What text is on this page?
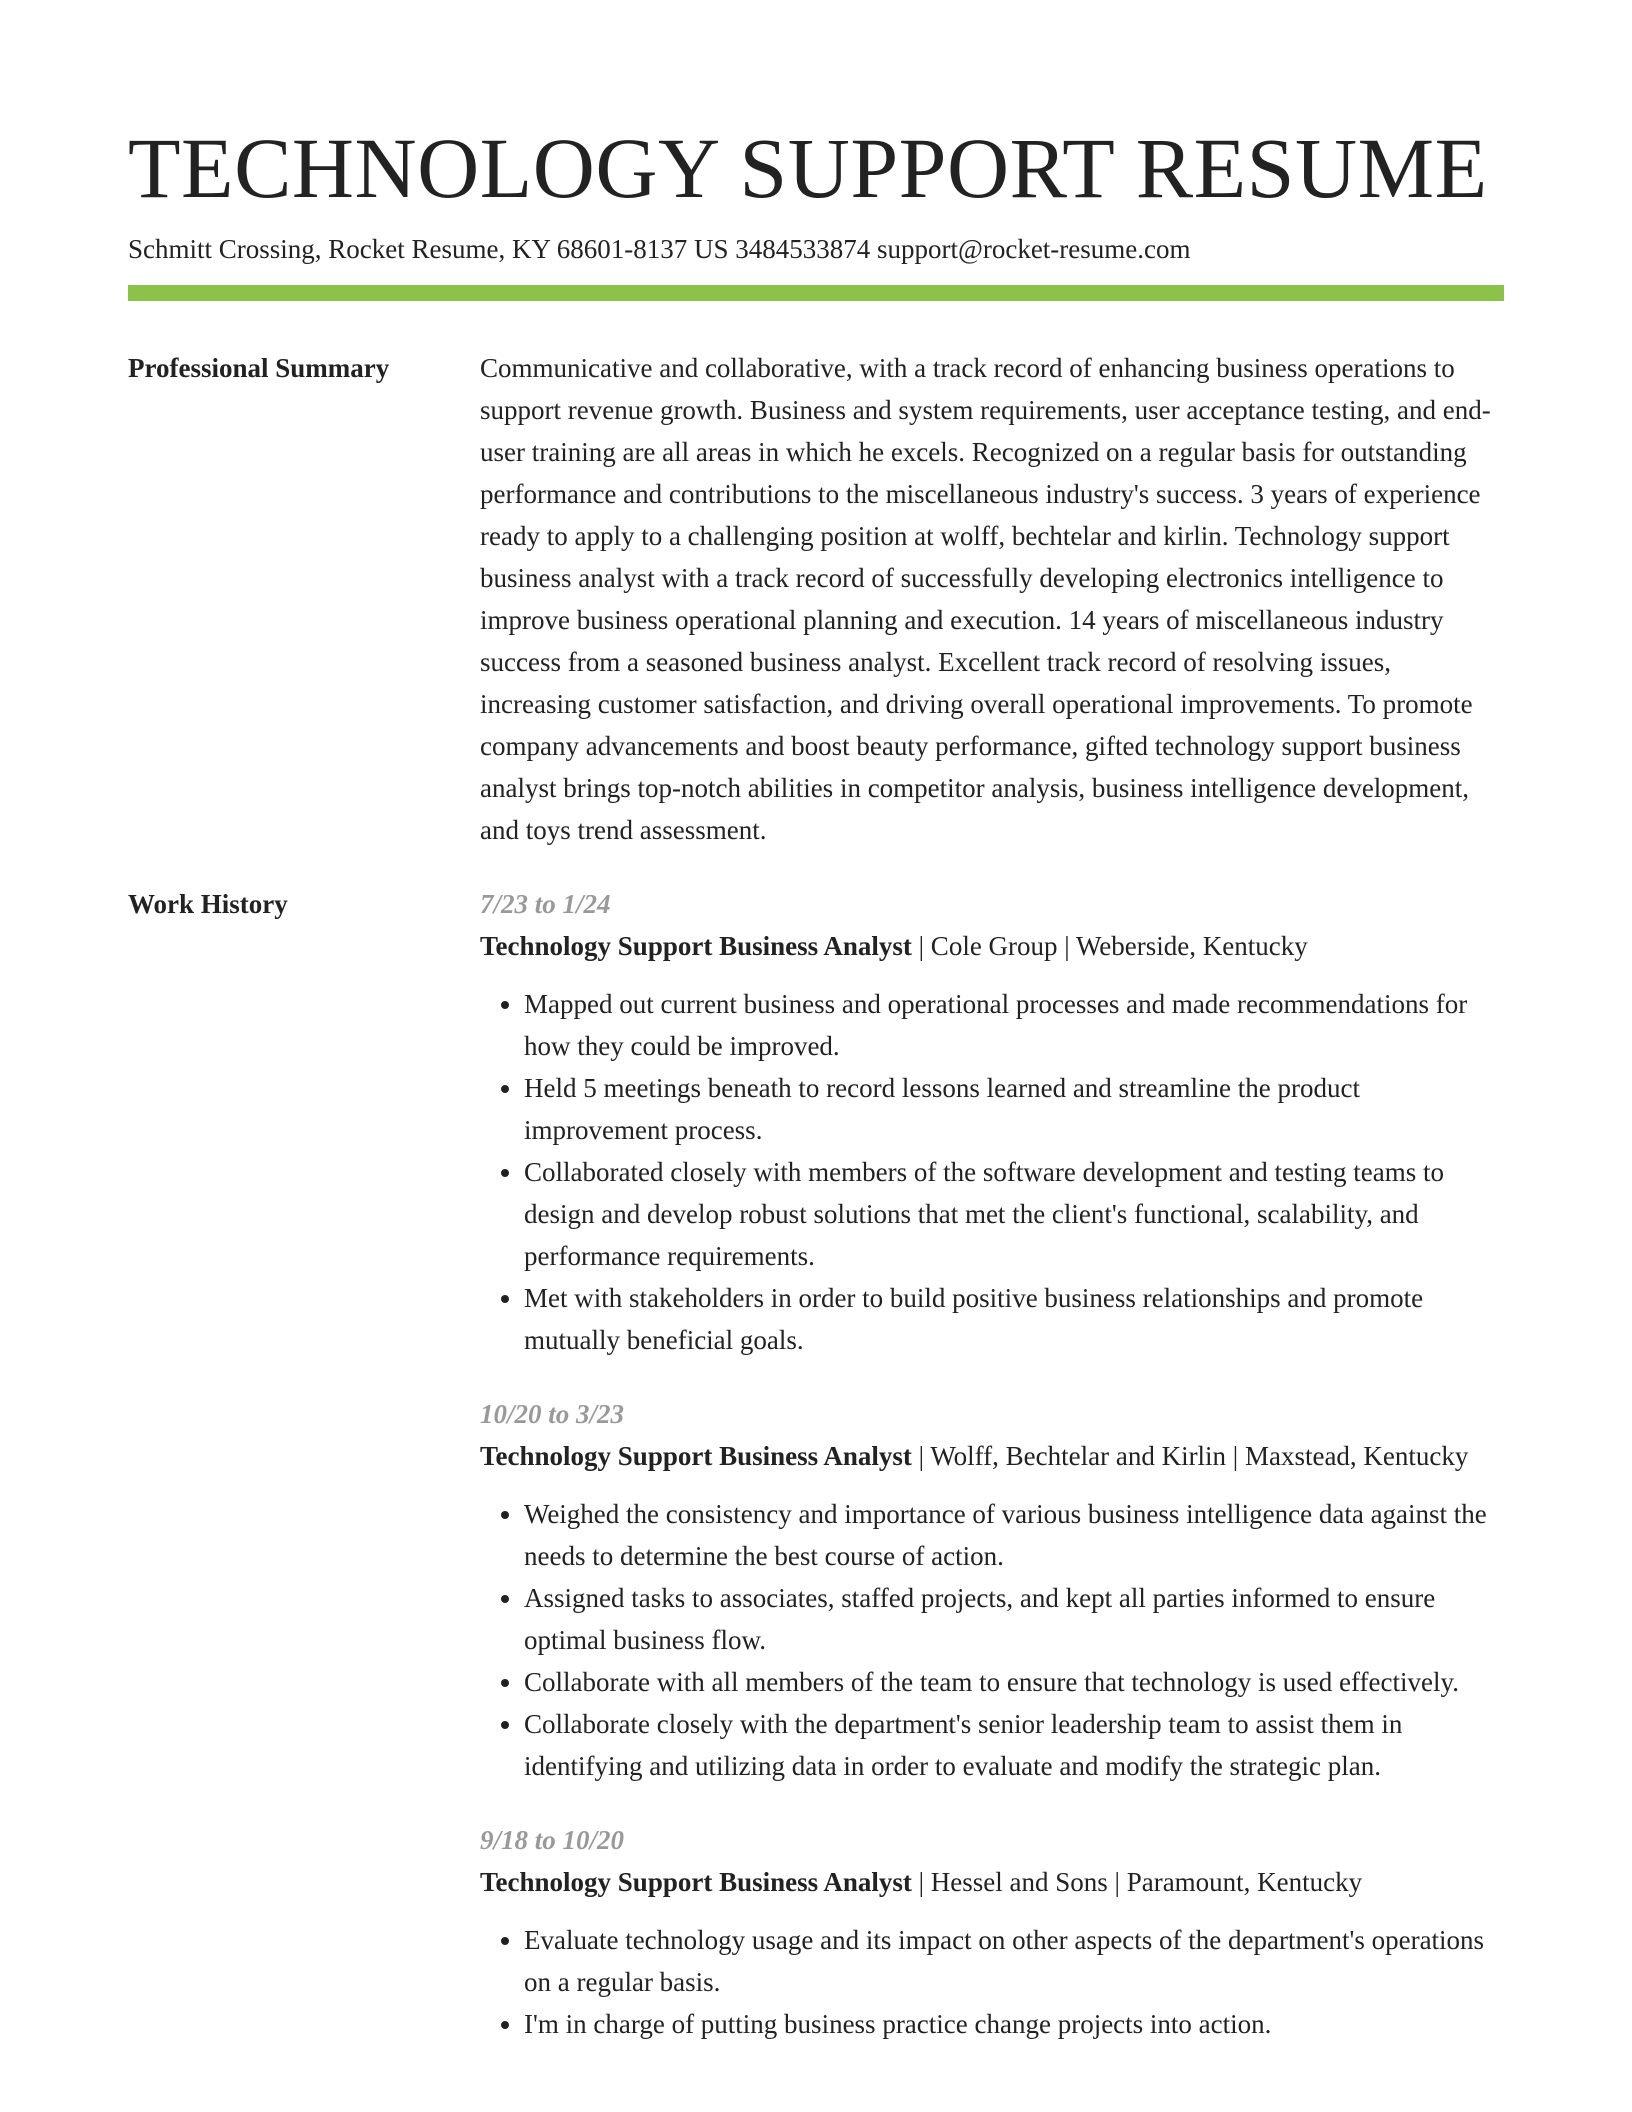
TECHNOLOGY SUPPORT RESUME
Schmitt Crossing, Rocket Resume, KY 68601-8137 US 3484533874 support@rocket-resume.com
Professional Summary	Communicative and collaborative, with a track record of enhancing business operations to support revenue growth. Business and system requirements, user acceptance testing, and end-user training are all areas in which he excels. Recognized on a regular basis for outstanding performance and contributions to the miscellaneous industry's success. 3 years of experience ready to apply to a challenging position at wolff, bechtelar and kirlin. Technology support business analyst with a track record of successfully developing electronics intelligence to improve business operational planning and execution. 14 years of miscellaneous industry success from a seasoned business analyst. Excellent track record of resolving issues, increasing customer satisfaction, and driving overall operational improvements. To promote company advancements and boost beauty performance, gifted technology support business analyst brings top-notch abilities in competitor analysis, business intelligence development, and toys trend assessment.

Work History	7/23 to 1/24
Technology Support Business Analyst | Cole Group | Weberside, Kentucky
• Mapped out current business and operational processes and made recommendations for how they could be improved.
• Held 5 meetings beneath to record lessons learned and streamline the product improvement process.
• Collaborated closely with members of the software development and testing teams to design and develop robust solutions that met the client's functional, scalability, and performance requirements.
• Met with stakeholders in order to build positive business relationships and promote mutually beneficial goals.
10/20 to 3/23
Technology Support Business Analyst | Wolff, Bechtelar and Kirlin | Maxstead, Kentucky
• Weighed the consistency and importance of various business intelligence data against the needs to determine the best course of action.
• Assigned tasks to associates, staffed projects, and kept all parties informed to ensure optimal business flow.
• Collaborate with all members of the team to ensure that technology is used effectively.
• Collaborate closely with the department's senior leadership team to assist them in identifying and utilizing data in order to evaluate and modify the strategic plan.
9/18 to 10/20
Technology Support Business Analyst | Hessel and Sons | Paramount, Kentucky
• Evaluate technology usage and its impact on other aspects of the department's operations on a regular basis.
• I'm in charge of putting business practice change projects into action.
